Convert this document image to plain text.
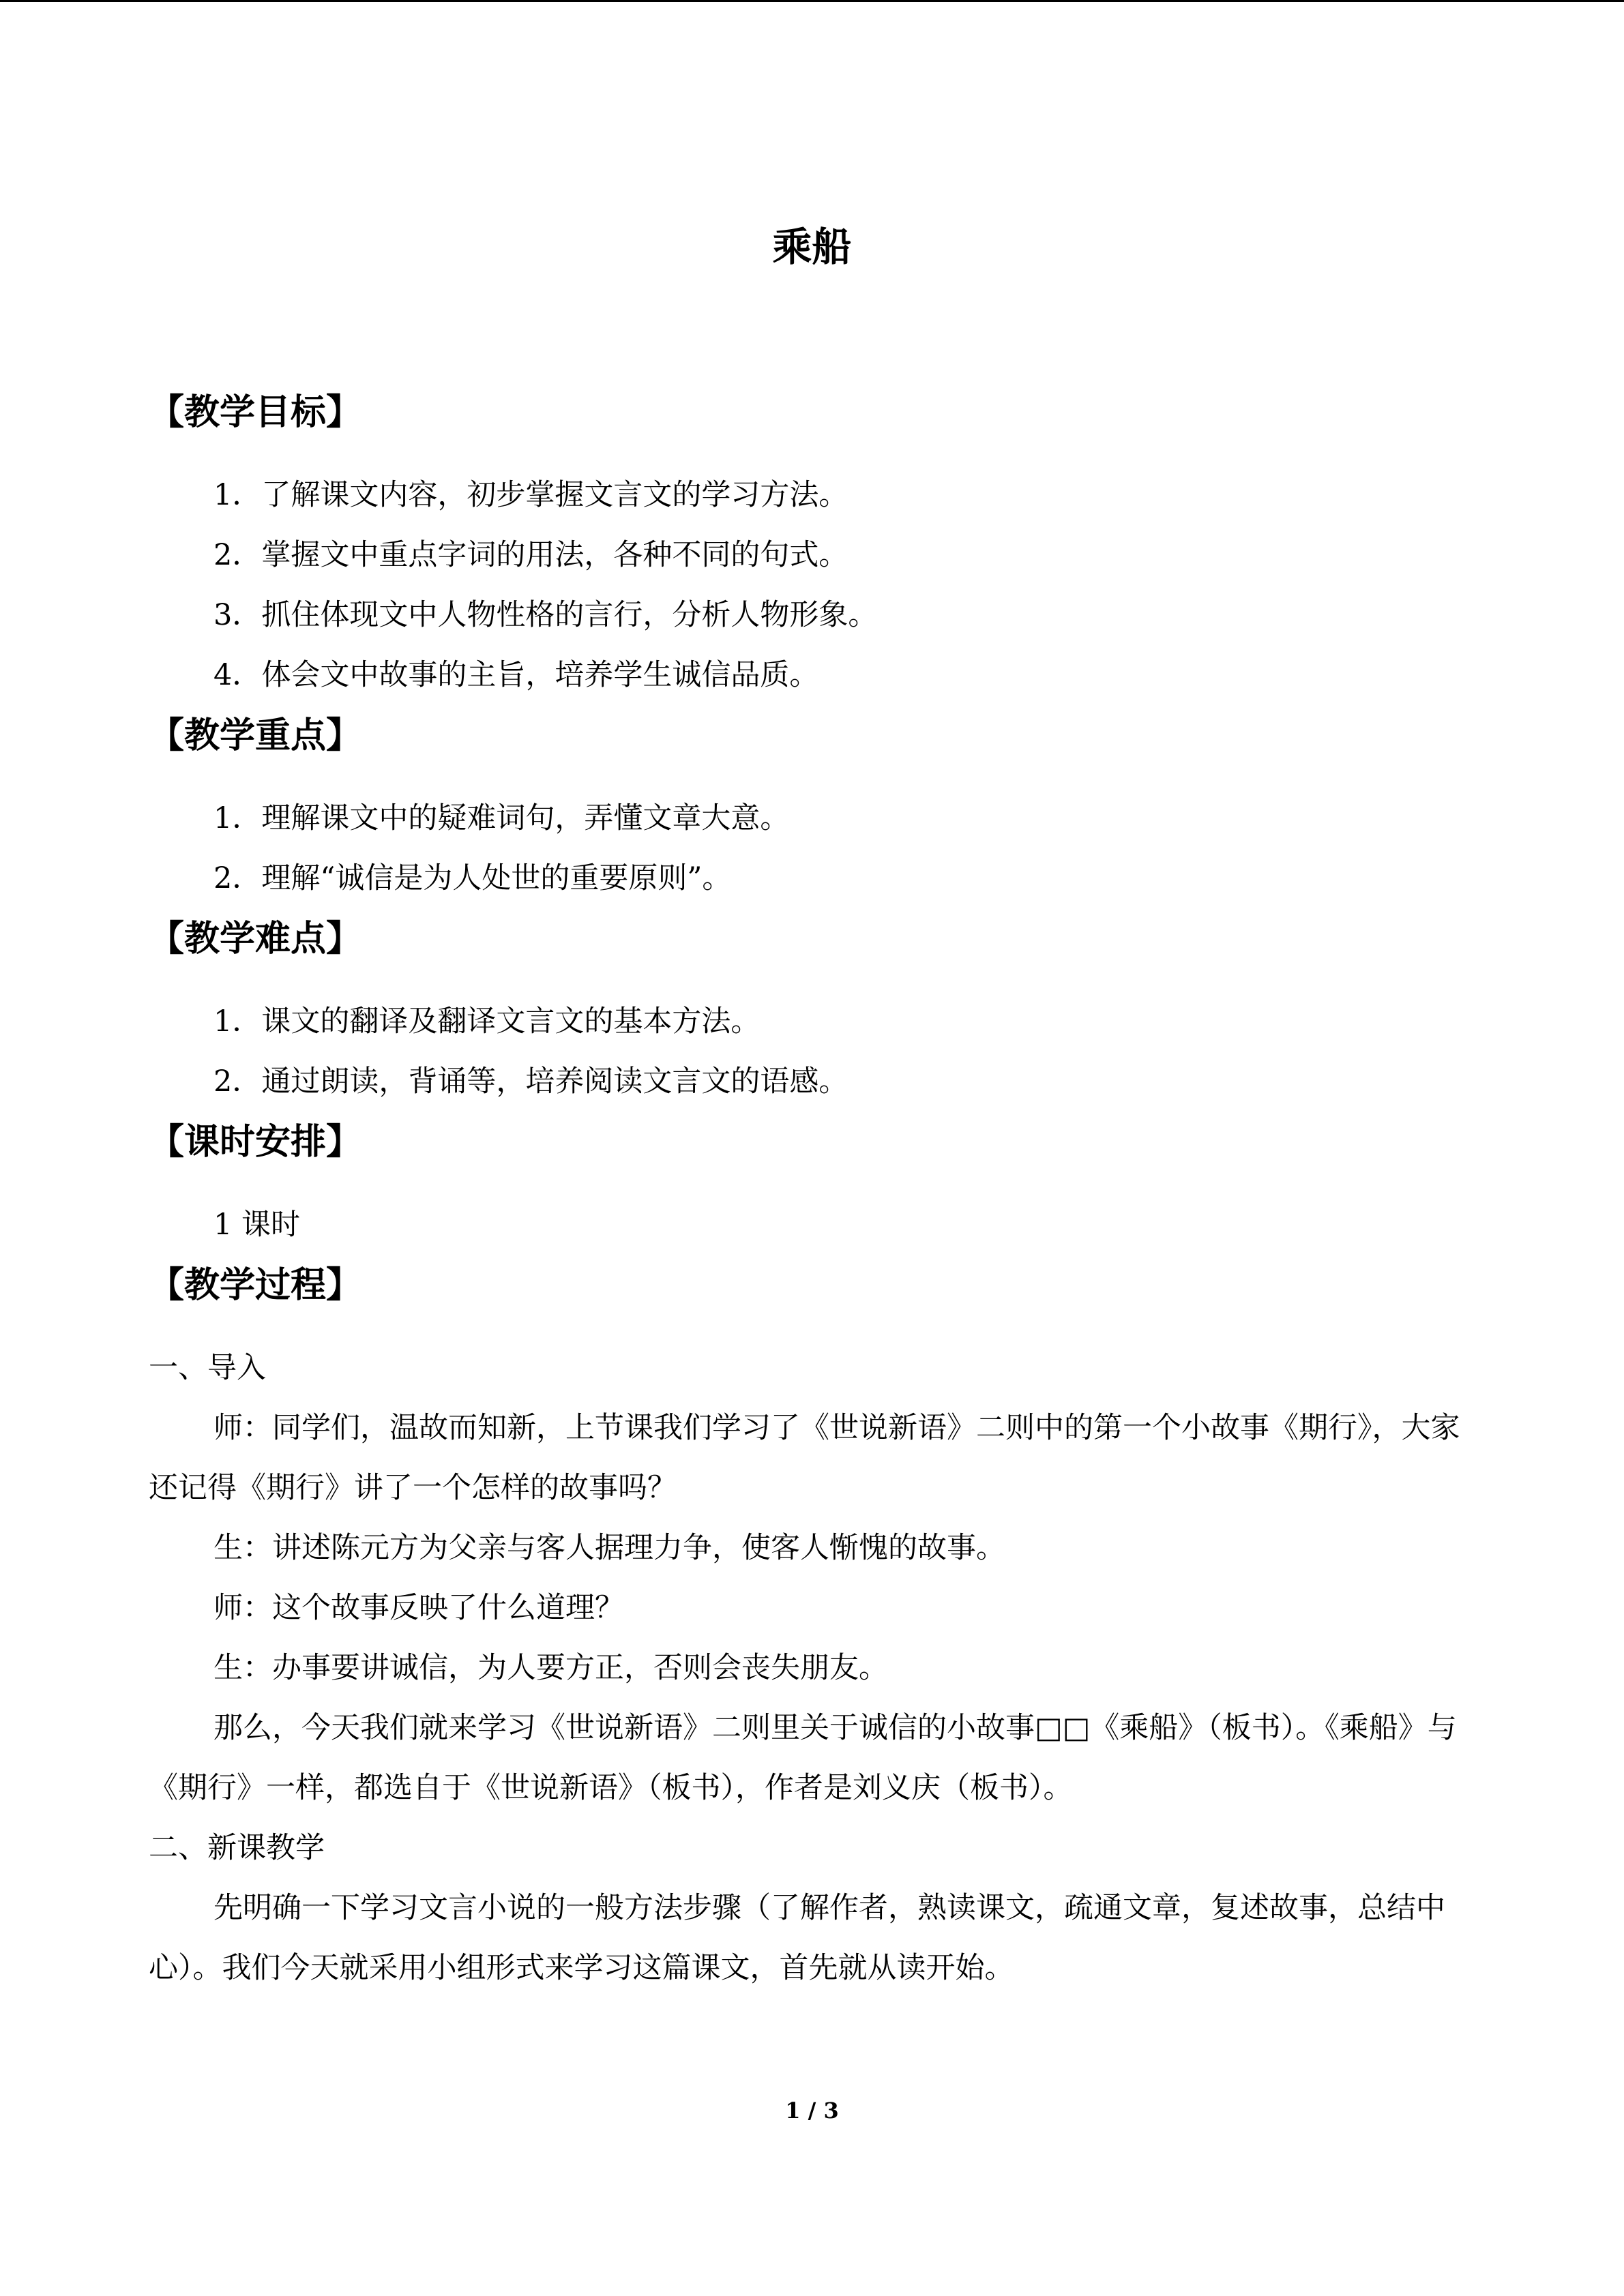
乘船
【教学目标】
1．了解课文内容，初步掌握文言文的学习方法。
2．掌握文中重点字词的用法，各种不同的句式。
3．抓住体现文中人物性格的言行，分析人物形象。
4．体会文中故事的主旨，培养学生诚信品质。
【教学重点】
1．理解课文中的疑难词句，弄懂文章大意。
2．理解“诚信是为人处世的重要原则”。
【教学难点】
1．课文的翻译及翻译文言文的基本方法。
2．通过朗读，背诵等，培养阅读文言文的语感。
【课时安排】
1 课时
【教学过程】
一、导入
师：同学们，温故而知新，上节课我们学习了《世说新语》二则中的第一个小故事《期行》，大家还记得《期行》讲了一个怎样的故事吗？
生：讲述陈元方为父亲与客人据理力争，使客人惭愧的故事。
师：这个故事反映了什么道理？
生：办事要讲诚信，为人要方正，否则会丧失朋友。
那么，今天我们就来学习《世说新语》二则里关于诚信的小故事□□《乘船》（板书）。《乘船》与《期行》一样，都选自于《世说新语》（板书），作者是刘义庆（板书）。
二、新课教学
先明确一下学习文言小说的一般方法步骤（了解作者，熟读课文，疏通文章，复述故事，总结中心）。我们今天就采用小组形式来学习这篇课文，首先就从读开始。
1 / 3
